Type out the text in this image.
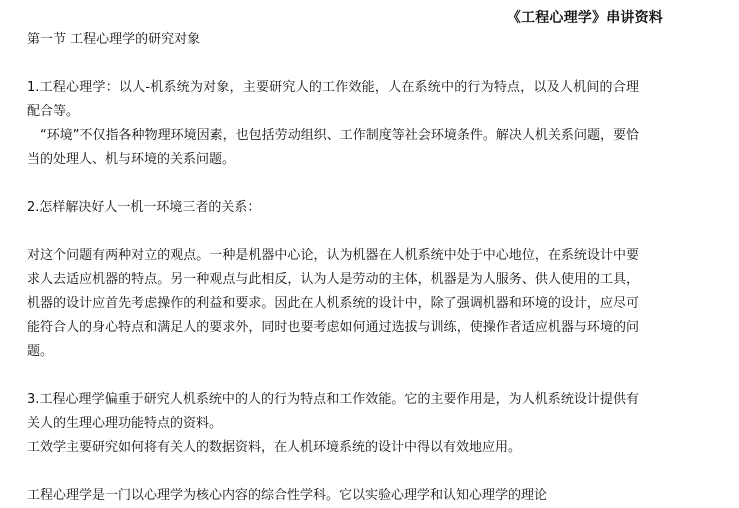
《工程心理学》串讲资料

第一节 工程心理学的研究对象

1.工程心理学：以人-机系统为对象，主要研究人的工作效能，人在系统中的行为特点，以及人机间的合理配合等。

“环境”不仅指各种物理环境因素，也包括劳动组织、工作制度等社会环境条件。解决人机关系问题，要恰当的处理人、机与环境的关系问题。

2.怎样解决好人一机一环境三者的关系：

对这个问题有两种对立的观点。一种是机器中心论，认为机器在人机系统中处于中心地位，在系统设计中要求人去适应机器的特点。另一种观点与此相反，认为人是劳动的主体，机器是为人服务、供人使用的工具，机器的设计应首先考虑操作的利益和要求。因此在人机系统的设计中，除了强调机器和环境的设计，应尽可能符合人的身心特点和满足人的要求外，同时也要考虑如何通过选拔与训练，使操作者适应机器与环境的问题。

3.工程心理学偏重于研究人机系统中的人的行为特点和工作效能。它的主要作用是，为人机系统设计提供有关人的生理心理功能特点的资料。

工效学主要研究如何将有关人的数据资料，在人机环境系统的设计中得以有效地应用。

工程心理学是一门以心理学为核心内容的综合性学科。它以实验心理学和认知心理学的理论
